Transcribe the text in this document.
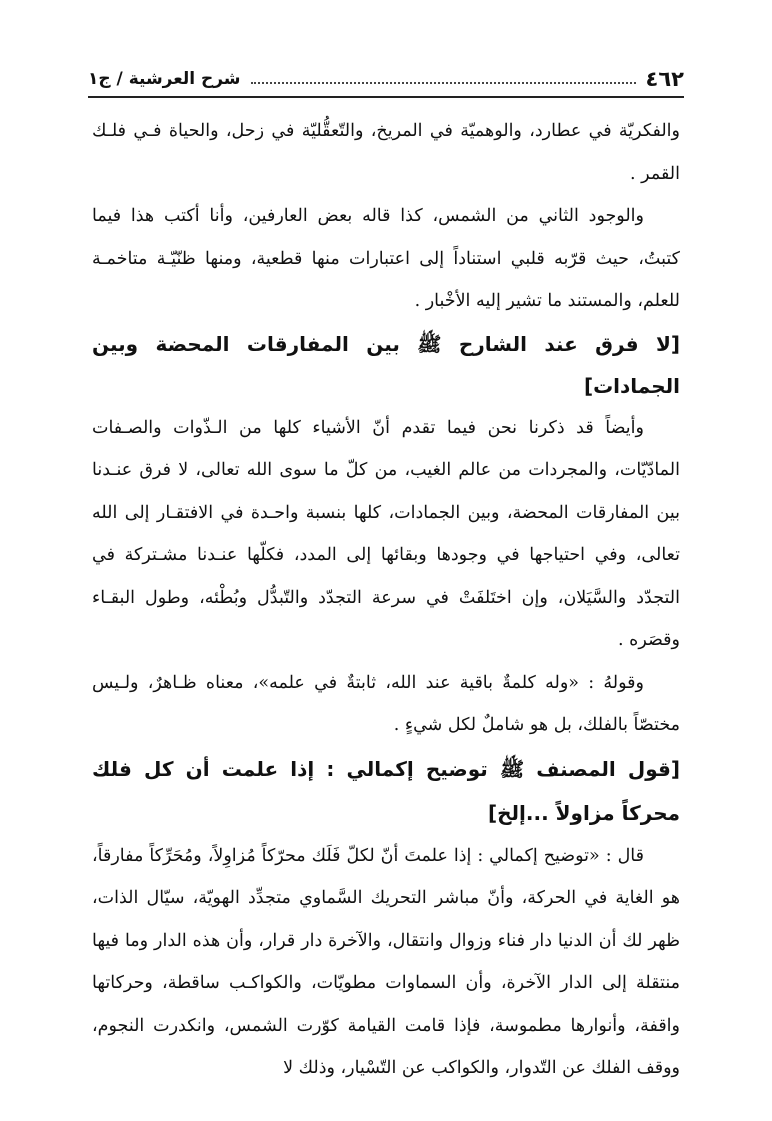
٤٦٢
شرح العرشية / ج١

والفكريّة في عطارد، والوهميّة في المريخ، والتّعقُّليّة في زحل، والحياة فـي فلـك القمر .

والوجود الثاني من الشمس، كذا قاله بعض العارفين، وأنا أكتب هذا فيما كتبتُ، حيث قرّبه قلبي استناداً إلى اعتبارات منها قطعية، ومنها ظنّيّـة متاخمـة للعلم، والمستند ما تشير إليه الأخْبار .

[لا فرق عند الشارح ﷺ بين المفارقات المحضة وبين الجمادات]

وأيضاً قد ذكرنا نحن فيما تقدم أنّ الأشياء كلها من الـذّوات والصـفات المادّيّات، والمجردات من عالم الغيب، من كلّ ما سوى الله تعالى، لا فرق عنـدنا بين المفارقات المحضة، وبين الجمادات، كلها بنسبة واحـدة في الافتقـار إلى الله تعالى، وفي احتياجها في وجودها وبقائها إلى المدد، فكلّها عنـدنا مشـتركة في التجدّد والسَّيَلان، وإن اختَلفَتْ في سرعة التجدّد والتّبدُّل وبُطْئه، وطول البقـاء وقصَره .

وقولهُ : «وله كلمةٌ باقية عند الله، ثابتةٌ في علمه»، معناه ظـاهرٌ، ولـيس مختصّاً بالفلك، بل هو شاملٌ لكل شيءٍ .

[قول المصنف ﷺ توضيح إكمالي : إذا علمت أن كل فلك محركاً مزاولاً ...إلخ]

قال : «توضيح إكمالي : إذا علمتَ أنّ لكلّ فَلَك محرّكاً مُزاوِلاً، ومُحَرِّكاً مفارقاً، هو الغاية في الحركة، وأنّ مباشر التحريك السَّماوي متجدِّد الهويّة، سيّال الذات، ظهر لك أن الدنيا دار فناء وزوال وانتقال، والآخرة دار قرار، وأن هذه الدار وما فيها منتقلة إلى الدار الآخرة، وأن السماوات مطويّات، والكواكـب ساقطة، وحركاتها واقفة، وأنوارها مطموسة، فإذا قامت القيامة كوّرت الشمس، وانكدرت النجوم، ووقف الفلك عن التّدوار، والكواكب عن التّسْيار، وذلك لا
